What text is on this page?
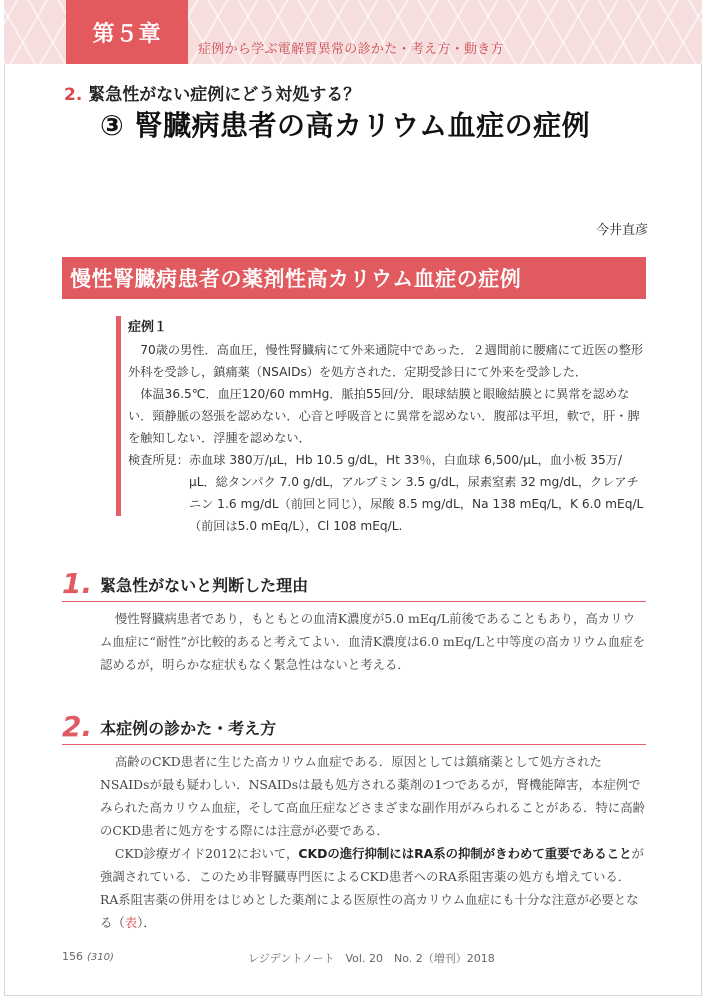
第５章
症例から学ぶ電解質異常の診かた・考え方・動き方
2. 緊急性がない症例にどう対処する？
③ 腎臓病患者の高カリウム血症の症例
今井直彦
慢性腎臓病患者の薬剤性高カリウム血症の症例

症例１

70歳の男性．高血圧，慢性腎臓病にて外来通院中であった．２週間前に腰痛にて近医の整形外科を受診し，鎮痛薬（NSAIDs）を処方された．定期受診日にて外来を受診した．

体温36.5℃．血圧120/60 mmHg．脈拍55回/分．眼球結膜と眼瞼結膜とに異常を認めない．頸静脈の怒張を認めない．心音と呼吸音とに異常を認めない．腹部は平坦，軟で，肝・脾を触知しない．浮腫を認めない．

検査所見： 赤血球 380万/μL，Hb 10.5 g/dL，Ht 33％，白血球 6,500/μL，血小板 35万/μL．総タンパク 7.0 g/dL，アルブミン 3.5 g/dL，尿素窒素 32 mg/dL，クレアチニン 1.6 mg/dL（前回と同じ），尿酸 8.5 mg/dL，Na 138 mEq/L，K 6.0 mEq/L（前回は5.0 mEq/L），Cl 108 mEq/L.
1. 緊急性がないと判断した理由

慢性腎臓病患者であり，もともとの血清K濃度が5.0 mEq/L前後であることもあり，高カリウム血症に“耐性”が比較的あると考えてよい．血清K濃度は6.0 mEq/Lと中等度の高カリウム血症を認めるが，明らかな症状もなく緊急性はないと考える．

2. 本症例の診かた・考え方

高齢のCKD患者に生じた高カリウム血症である．原因としては鎮痛薬として処方されたNSAIDsが最も疑わしい．NSAIDsは最も処方される薬剤の1つであるが，腎機能障害，本症例でみられた高カリウム血症，そして高血圧症などさまざまな副作用がみられることがある．特に高齢のCKD患者に処方をする際には注意が必要である．

CKD診療ガイド2012において，CKDの進行抑制にはRA系の抑制がきわめて重要であることが強調されている．このため非腎臓専門医によるCKD患者へのRA系阻害薬の処方も増えている．RA系阻害薬の併用をはじめとした薬剤による医原性の高カリウム血症にも十分な注意が必要となる（表）．

156 (310)	レジデントノート　Vol. 20　No. 2（増刊）2018
